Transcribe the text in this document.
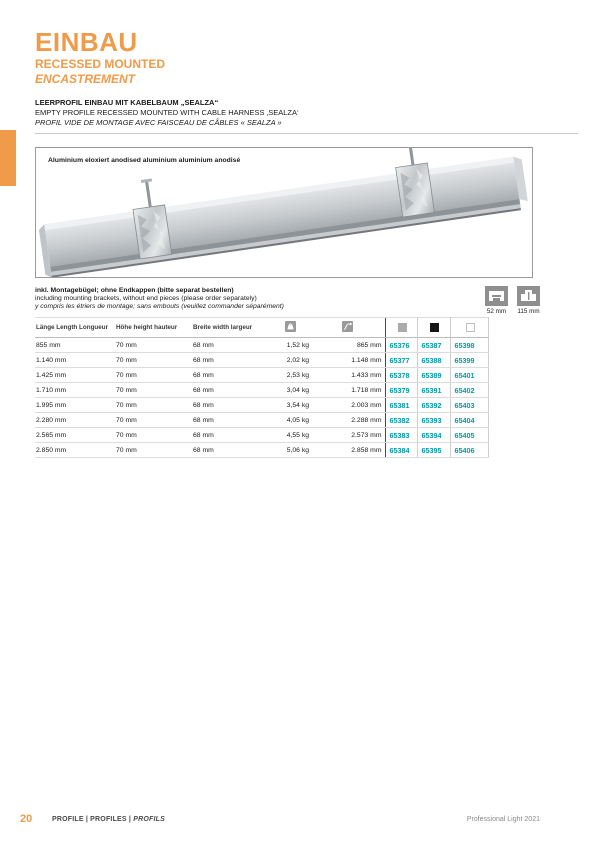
EINBAU
RECESSED MOUNTED
ENCASTREMENT
LEERPROFIL EINBAU MIT KABELBAUM „SEALZA“
EMPTY PROFILE RECESSED MOUNTED WITH CABLE HARNESS ‚SEALZA‘
PROFIL VIDE DE MONTAGE AVEC FAISCEAU DE CÂBLES « SEALZA »
Aluminium eloxiert anodised aluminium aluminium anodisé
inkl. Montagebügel; ohne Endkappen (bitte separat bestellen)
including mounting brackets, without end pieces (please order separately)
y compris les étriers de montage; sans embouts (veuillez commander séparément)
52 mm 115 mm
Länge Length Longueur	Höhe height hauteur	Breite width largeur					
855 mm	70 mm	68 mm	1,52 kg	865 mm	65376	65387	65398
1.140 mm	70 mm	68 mm	2,02 kg	1.148 mm	65377	65388	65399
1.425 mm	70 mm	68 mm	2,53 kg	1.433 mm	65378	65389	65401
1.710 mm	70 mm	68 mm	3,04 kg	1.718 mm	65379	65391	65402
1.995 mm	70 mm	68 mm	3,54 kg	2.003 mm	65381	65392	65403
2.280 mm	70 mm	68 mm	4,05 kg	2.288 mm	65382	65393	65404
2.565 mm	70 mm	68 mm	4,55 kg	2.573 mm	65383	65394	65405
2.850 mm	70 mm	68 mm	5,06 kg	2.858 mm	65384	65395	65406
20	PROFILE | PROFILES | PROFILS	Professional Light 2021
